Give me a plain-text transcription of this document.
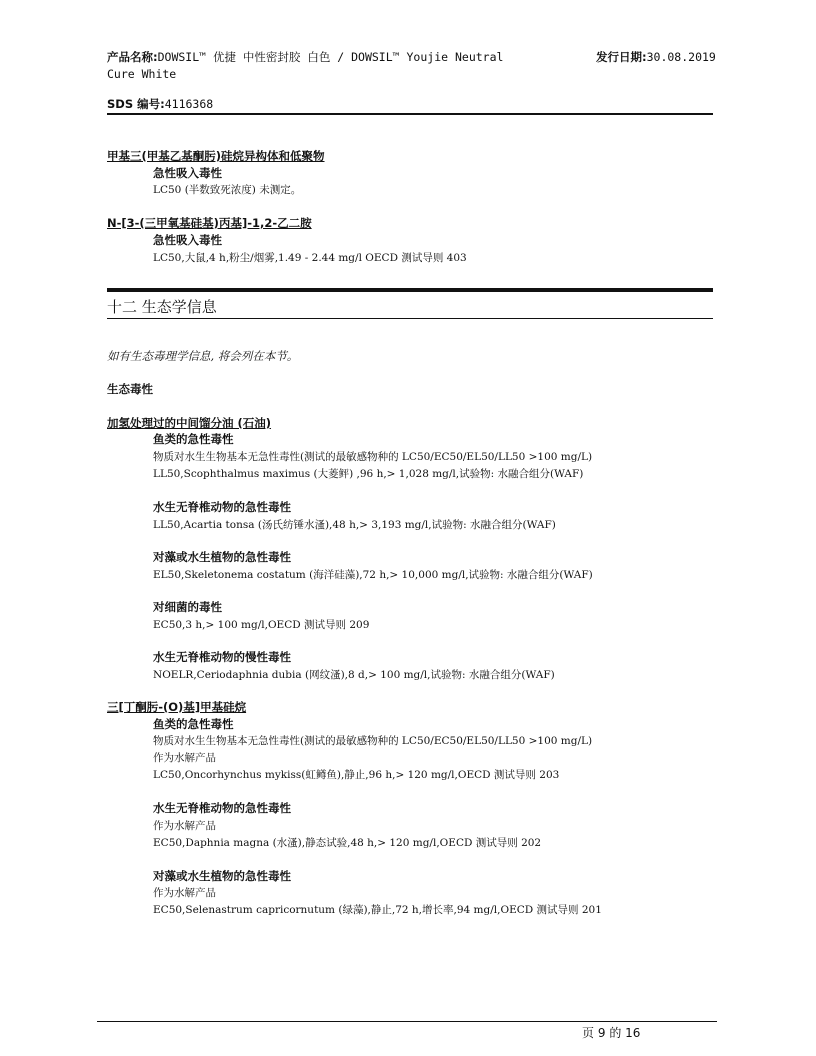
产品名称:DOWSIL™ 优捷 中性密封胶 白色 / DOWSIL™ Youjie Neutral
Cure White
发行日期:30.08.2019
SDS 编号:4116368
甲基三(甲基乙基酮肟)硅烷异构体和低聚物
急性吸入毒性
LC50 (半数致死浓度) 未测定。
N-[3-(三甲氧基硅基)丙基]-1,2-乙二胺
急性吸入毒性
LC50,大鼠,4 h,粉尘/烟雾,1.49 - 2.44 mg/l OECD 测试导则 403
十二 生态学信息
如有生态毒理学信息, 将会列在本节。
生态毒性
加氢处理过的中间馏分油 (石油)
鱼类的急性毒性
物质对水生生物基本无急性毒性(测试的最敏感物种的 LC50/EC50/EL50/LL50 >100 mg/L)
LL50,Scophthalmus maximus (大菱鲆) ,96 h,> 1,028 mg/l,试验物: 水融合组分(WAF)
水生无脊椎动物的急性毒性
LL50,Acartia tonsa (汤氏纺锤水溞),48 h,> 3,193 mg/l,试验物: 水融合组分(WAF)
对藻或水生植物的急性毒性
EL50,Skeletonema costatum (海洋硅藻),72 h,> 10,000 mg/l,试验物: 水融合组分(WAF)
对细菌的毒性
EC50,3 h,> 100 mg/l,OECD 测试导则 209
水生无脊椎动物的慢性毒性
NOELR,Ceriodaphnia dubia (网纹溞),8 d,> 100 mg/l,试验物: 水融合组分(WAF)
三[丁酮肟-(O)基]甲基硅烷
鱼类的急性毒性
物质对水生生物基本无急性毒性(测试的最敏感物种的 LC50/EC50/EL50/LL50 >100 mg/L)
作为水解产品
LC50,Oncorhynchus mykiss(虹鳟鱼),静止,96 h,> 120 mg/l,OECD 测试导则 203
水生无脊椎动物的急性毒性
作为水解产品
EC50,Daphnia magna (水溞),静态试验,48 h,> 120 mg/l,OECD 测试导则 202
对藻或水生植物的急性毒性
作为水解产品
EC50,Selenastrum capricornutum (绿藻),静止,72 h,增长率,94 mg/l,OECD 测试导则 201
页 9 的 16
